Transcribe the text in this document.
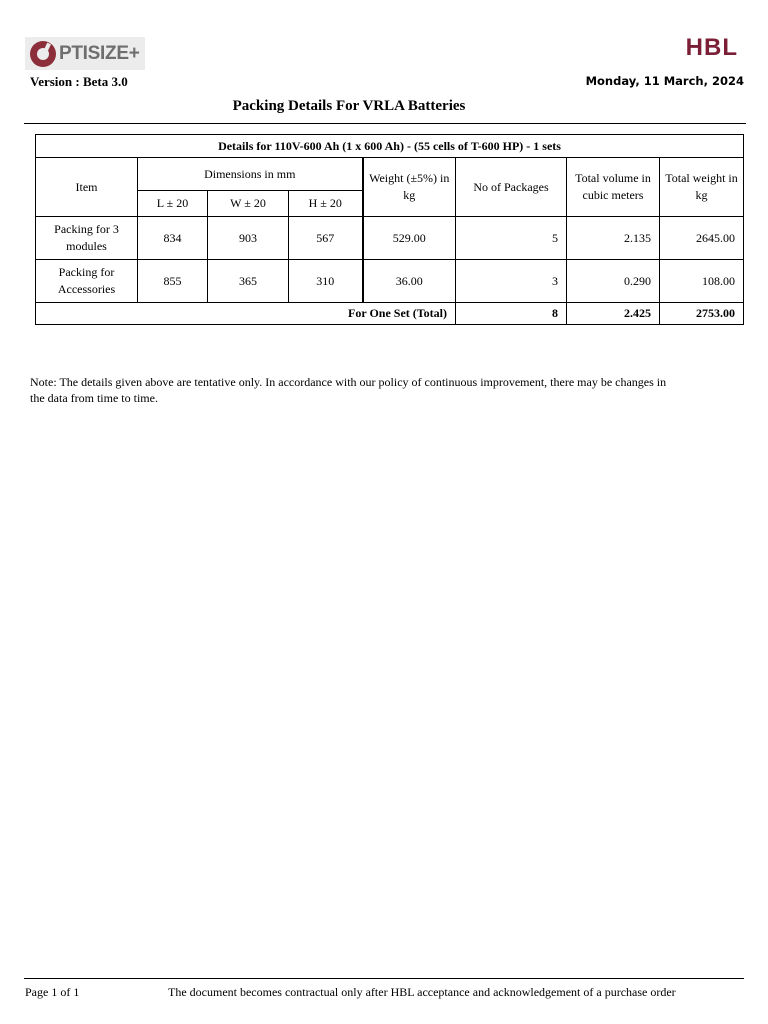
PTISIZE+	HBL
Version : Beta 3.0	Monday, 11 March, 2024
Packing Details For VRLA Batteries
Details for 110V-600 Ah (1 x 600 Ah) - (55 cells of T-600 HP) - 1 sets							
Item	Dimensions in mm			Weight (±5%) in kg	No of Packages	Total volume in cubic meters	Total weight in kg
	L ± 20	W ± 20	H ± 20				
Packing for 3 modules	834	903	567	529.00	5	2.135	2645.00
Packing for Accessories	855	365	310	36.00	3	0.290	108.00
For One Set (Total)					8	2.425	2753.00
Note: The details given above are tentative only. In accordance with our policy of continuous improvement, there may be changes in the data from time to time.
Page 1 of 1	The document becomes contractual only after HBL acceptance and acknowledgement of a purchase order
